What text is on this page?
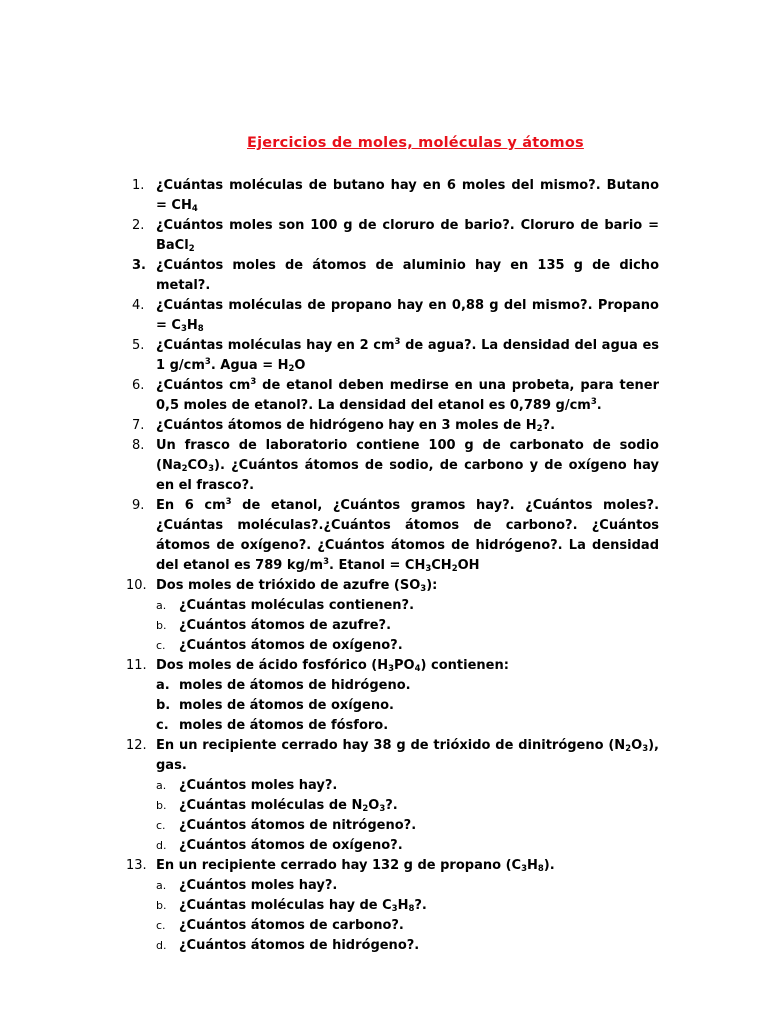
Ejercicios de moles, moléculas y átomos
1. ¿Cuántas moléculas de butano hay en 6 moles del mismo?. $Butano = CH_4$
2. ¿Cuántos moles son 100 g de cloruro de bario?. Cloruro de bario = BaCl$_2$
3. ¿Cuántos moles de átomos de aluminio hay en 135 g de dicho metal?.
4. ¿Cuántas moléculas de propano hay en 0,88 g del mismo?. Propano = $C_3H_8$
5. ¿Cuántas moléculas hay en 2 $cm^3$ de agua?. La densidad del agua es 1 $g/cm^3$. Agua = $H_2O$
6. ¿Cuántos $cm^3$ de etanol deben medirse en una probeta, para tener 0,5 moles de etanol?. La densidad del etanol es 0,789 $g/cm^3$.
7. ¿Cuántos átomos de hidrógeno hay en 3 moles de $H_2$?.
8. Un frasco de laboratorio contiene 100 g de carbonato de sodio $(Na_2CO_3)$. ¿Cuántos átomos de sodio, de carbono y de oxígeno hay en el frasco?.
9. En 6 $cm^3$ de etanol, ¿Cuántos gramos hay?. ¿Cuántos moles?. ¿Cuántas moléculas?.¿Cuántos átomos de carbono?. ¿Cuántos átomos de oxígeno?. ¿Cuántos átomos de hidrógeno?. La densidad del etanol es 789 $kg/m^3$. Etanol = $CH_3CH_2OH$
10. Dos moles de trióxido de azufre $(SO_3)$:
a. ¿Cuántas moléculas contienen?.
b. ¿Cuántos átomos de azufre?.
c. ¿Cuántos átomos de oxígeno?.
11. Dos moles de ácido fosfórico $(H_3PO_4)$ contienen:
a. moles de átomos de hidrógeno.
b. moles de átomos de oxígeno.
c. moles de átomos de fósforo.
12. En un recipiente cerrado hay 38 g de trióxido de dinitrógeno $(N_2O_3)$, gas.
a. ¿Cuántos moles hay?.
b. ¿Cuántas moléculas de $N_2O_3$?.
c. ¿Cuántos átomos de nitrógeno?.
d. ¿Cuántos átomos de oxígeno?.
13. En un recipiente cerrado hay 132 g de propano $(C_3H_8)$.
a. ¿Cuántos moles hay?.
b. ¿Cuántas moléculas hay de $C_3H_8$?.
c. ¿Cuántos átomos de carbono?.
d. ¿Cuántos átomos de hidrógeno?.
